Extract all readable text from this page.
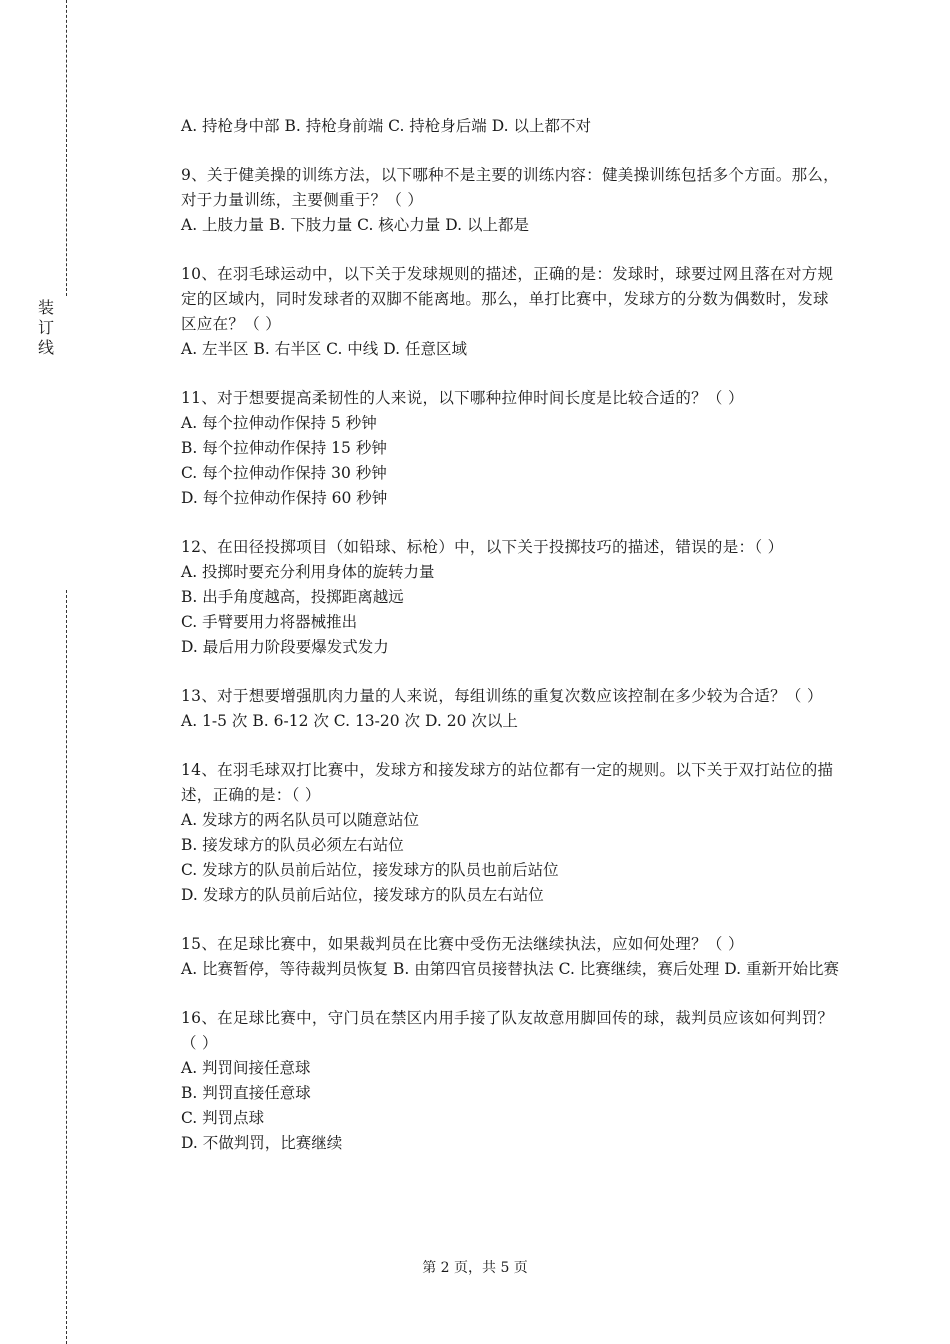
装
订
线

A. 持枪身中部 B. 持枪身前端 C. 持枪身后端 D. 以上都不对

9、关于健美操的训练方法，以下哪种不是主要的训练内容：健美操训练包括多个方面。那么，对于力量训练，主要侧重于？（ ）

A. 上肢力量 B. 下肢力量 C. 核心力量 D. 以上都是

10、在羽毛球运动中，以下关于发球规则的描述，正确的是：发球时，球要过网且落在对方规定的区域内，同时发球者的双脚不能离地。那么，单打比赛中，发球方的分数为偶数时，发球区应在？（ ）

A. 左半区 B. 右半区 C. 中线 D. 任意区域

11、对于想要提高柔韧性的人来说，以下哪种拉伸时间长度是比较合适的？（ ）

A. 每个拉伸动作保持 5 秒钟

B. 每个拉伸动作保持 15 秒钟

C. 每个拉伸动作保持 30 秒钟

D. 每个拉伸动作保持 60 秒钟

12、在田径投掷项目（如铅球、标枪）中，以下关于投掷技巧的描述，错误的是：（ ）

A. 投掷时要充分利用身体的旋转力量

B. 出手角度越高，投掷距离越远

C. 手臂要用力将器械推出

D. 最后用力阶段要爆发式发力

13、对于想要增强肌肉力量的人来说，每组训练的重复次数应该控制在多少较为合适？（ ）

A. 1-5 次 B. 6-12 次 C. 13-20 次 D. 20 次以上

14、在羽毛球双打比赛中，发球方和接发球方的站位都有一定的规则。以下关于双打站位的描述，正确的是：（ ）

A. 发球方的两名队员可以随意站位

B. 接发球方的队员必须左右站位

C. 发球方的队员前后站位，接发球方的队员也前后站位

D. 发球方的队员前后站位，接发球方的队员左右站位

15、在足球比赛中，如果裁判员在比赛中受伤无法继续执法，应如何处理？（ ）

A. 比赛暂停，等待裁判员恢复 B. 由第四官员接替执法 C. 比赛继续，赛后处理 D. 重新开始比赛

16、在足球比赛中，守门员在禁区内用手接了队友故意用脚回传的球，裁判员应该如何判罚？（ ）

A. 判罚间接任意球

B. 判罚直接任意球

C. 判罚点球

D. 不做判罚，比赛继续

第 2 页，共 5 页
